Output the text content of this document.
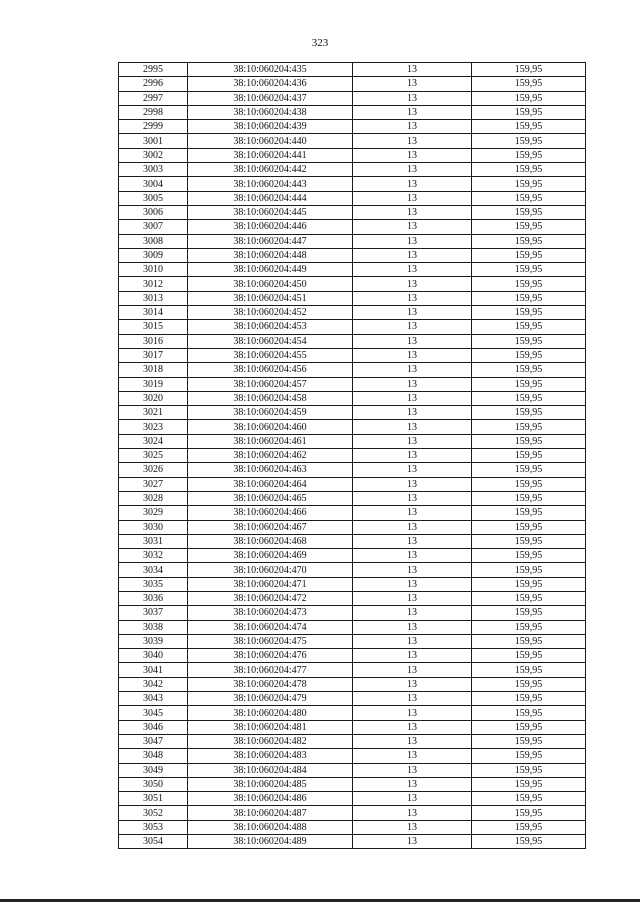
323
2995	38:10:060204:435	13	159,95
2996	38:10:060204:436	13	159,95
2997	38:10:060204:437	13	159,95
2998	38:10:060204:438	13	159,95
2999	38:10:060204:439	13	159,95
3001	38:10:060204:440	13	159,95
3002	38:10:060204:441	13	159,95
3003	38:10:060204:442	13	159,95
3004	38:10:060204:443	13	159,95
3005	38:10:060204:444	13	159,95
3006	38:10:060204:445	13	159,95
3007	38:10:060204:446	13	159,95
3008	38:10:060204:447	13	159,95
3009	38:10:060204:448	13	159,95
3010	38:10:060204:449	13	159,95
3012	38:10:060204:450	13	159,95
3013	38:10:060204:451	13	159,95
3014	38:10:060204:452	13	159,95
3015	38:10:060204:453	13	159,95
3016	38:10:060204:454	13	159,95
3017	38:10:060204:455	13	159,95
3018	38:10:060204:456	13	159,95
3019	38:10:060204:457	13	159,95
3020	38:10:060204:458	13	159,95
3021	38:10:060204:459	13	159,95
3023	38:10:060204:460	13	159,95
3024	38:10:060204:461	13	159,95
3025	38:10:060204:462	13	159,95
3026	38:10:060204:463	13	159,95
3027	38:10:060204:464	13	159,95
3028	38:10:060204:465	13	159,95
3029	38:10:060204:466	13	159,95
3030	38:10:060204:467	13	159,95
3031	38:10:060204:468	13	159,95
3032	38:10:060204:469	13	159,95
3034	38:10:060204:470	13	159,95
3035	38:10:060204:471	13	159,95
3036	38:10:060204:472	13	159,95
3037	38:10:060204:473	13	159,95
3038	38:10:060204:474	13	159,95
3039	38:10:060204:475	13	159,95
3040	38:10:060204:476	13	159,95
3041	38:10:060204:477	13	159,95
3042	38:10:060204:478	13	159,95
3043	38:10:060204:479	13	159,95
3045	38:10:060204:480	13	159,95
3046	38:10:060204:481	13	159,95
3047	38:10:060204:482	13	159,95
3048	38:10:060204:483	13	159,95
3049	38:10:060204:484	13	159,95
3050	38:10:060204:485	13	159,95
3051	38:10:060204:486	13	159,95
3052	38:10:060204:487	13	159,95
3053	38:10:060204:488	13	159,95
3054	38:10:060204:489	13	159,95
